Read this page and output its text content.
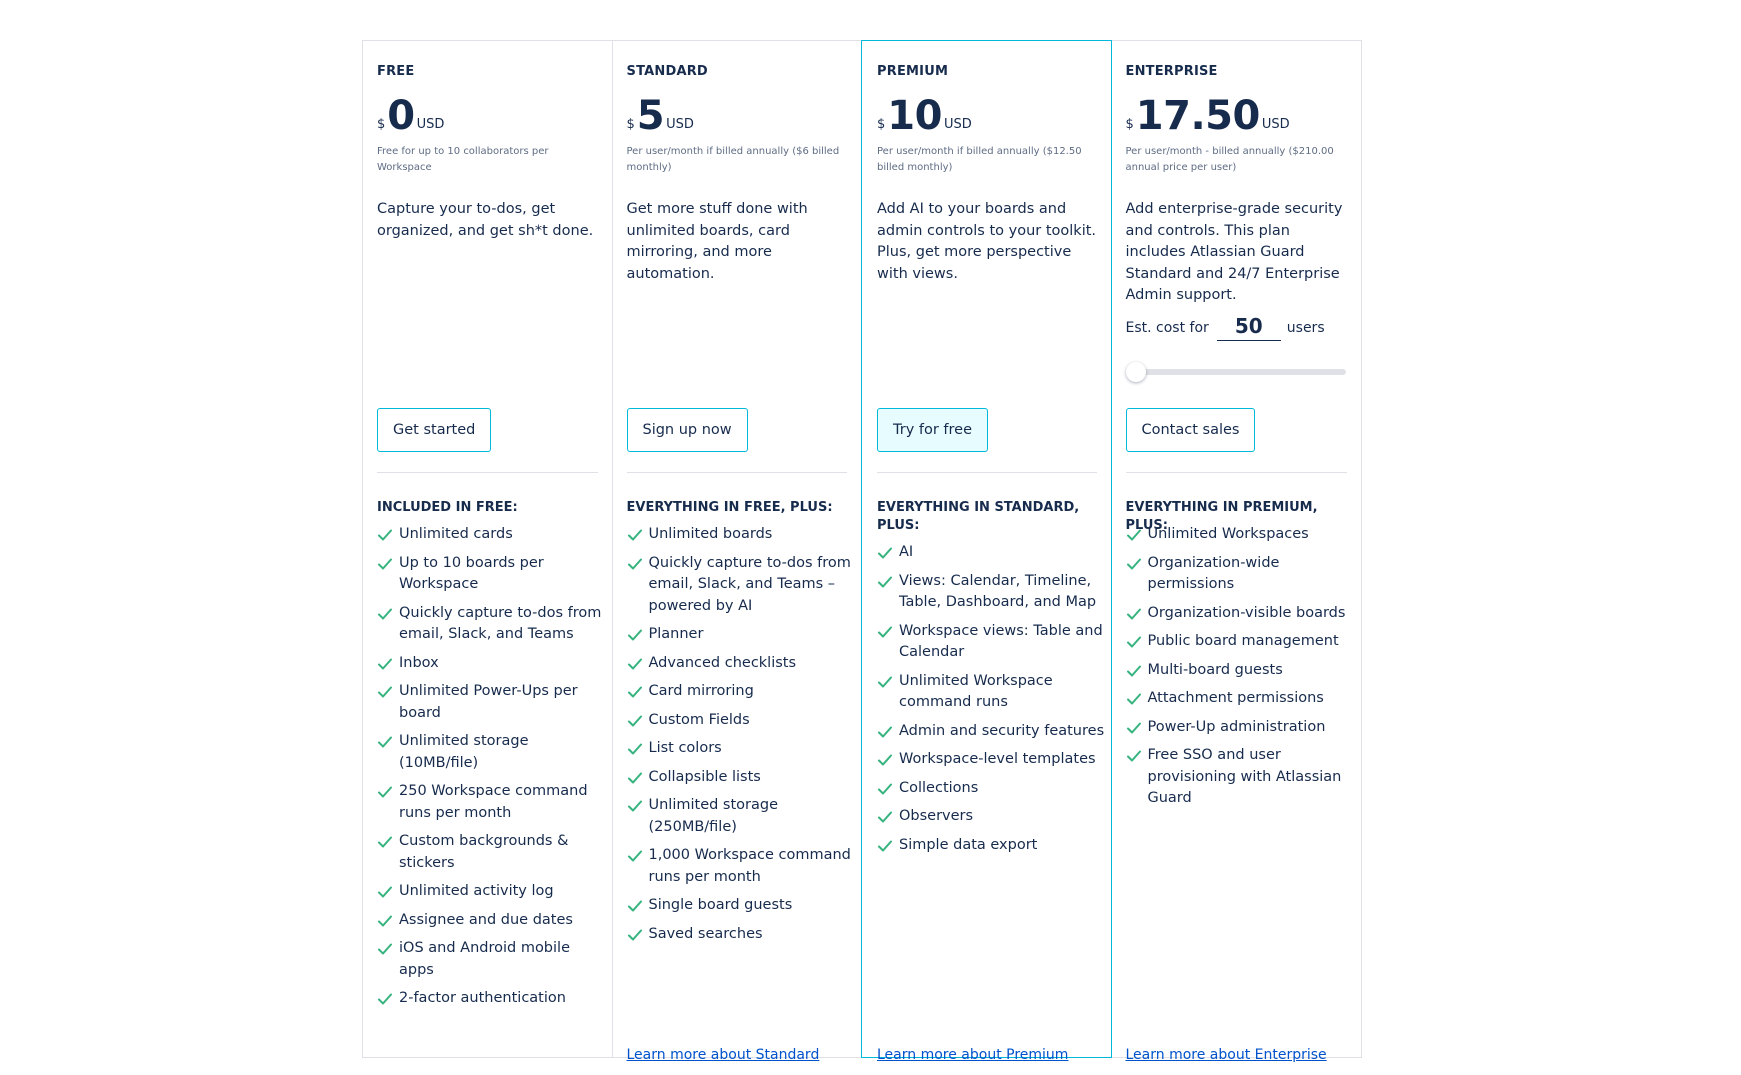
FREE
$ 0 USD
Free for up to 10 collaborators per Workspace
Capture your to-dos, get organized, and get sh*t done.
Get started
INCLUDED IN FREE:
Unlimited cards
Up to 10 boards per Workspace
Quickly capture to-dos from email, Slack, and Teams
Inbox
Unlimited Power-Ups per board
Unlimited storage (10MB/file)
250 Workspace command runs per month
Custom backgrounds & stickers
Unlimited activity log
Assignee and due dates
iOS and Android mobile apps
2-factor authentication
STANDARD
$ 5 USD
Per user/month if billed annually ($6 billed monthly)
Get more stuff done with unlimited boards, card mirroring, and more automation.
Sign up now
EVERYTHING IN FREE, PLUS:
Unlimited boards
Quickly capture to-dos from email, Slack, and Teams – powered by AI
Planner
Advanced checklists
Card mirroring
Custom Fields
List colors
Collapsible lists
Unlimited storage (250MB/file)
1,000 Workspace command runs per month
Single board guests
Saved searches
Learn more about Standard
PREMIUM
$ 10 USD
Per user/month if billed annually ($12.50 billed monthly)
Add AI to your boards and admin controls to your toolkit. Plus, get more perspective with views.
Try for free
EVERYTHING IN STANDARD, PLUS:
AI
Views: Calendar, Timeline, Table, Dashboard, and Map
Workspace views: Table and Calendar
Unlimited Workspace command runs
Admin and security features
Workspace-level templates
Collections
Observers
Simple data export
Learn more about Premium
ENTERPRISE
$ 17.50 USD
Per user/month - billed annually ($210.00 annual price per user)
Add enterprise-grade security and controls. This plan includes Atlassian Guard Standard and 24/7 Enterprise Admin support.
Est. cost for	50	users
Contact sales
EVERYTHING IN PREMIUM, PLUS:
Unlimited Workspaces
Organization-wide permissions
Organization-visible boards
Public board management
Multi-board guests
Attachment permissions
Power-Up administration
Free SSO and user provisioning with Atlassian Guard
Learn more about Enterprise
